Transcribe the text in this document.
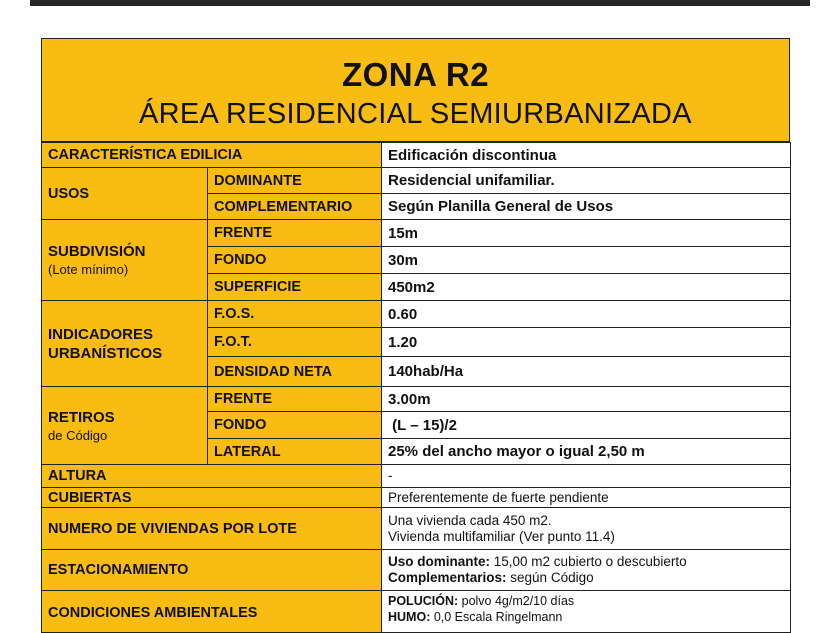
ZONA R2
ÁREA RESIDENCIAL SEMIURBANIZADA
CARACTERÍSTICA EDILICIA		Edificación discontinua
USOS	DOMINANTE	Residencial unifamiliar.
	COMPLEMENTARIO	Según Planilla General de Usos

SUBDIVISIÓN
(Lote mínimo)	FRENTE	15m
	FONDO	30m
	SUPERFICIE	450m2

INDICADORES
URBANÍSTICOS	F.O.S.	0.60
	F.O.T.	1.20
	DENSIDAD NETA	140hab/Ha

RETIROS
de Código	FRENTE	3.00m
	FONDO	(L – 15)/2
	LATERAL	25% del ancho mayor o igual 2,50 m
ALTURA		-
CUBIERTAS		Preferentemente de fuerte pendiente
NUMERO DE VIVIENDAS POR LOTE		Una vivienda cada 450 m2.
Vivienda multifamiliar (Ver punto 11.4)

ESTACIONAMIENTO		Uso dominante: 15,00 m2 cubierto o descubierto
Complementarios: según Código

CONDICIONES AMBIENTALES		POLUCIÓN: polvo 4g/m2/10 días
HUMO: 0,0 Escala Ringelmann
